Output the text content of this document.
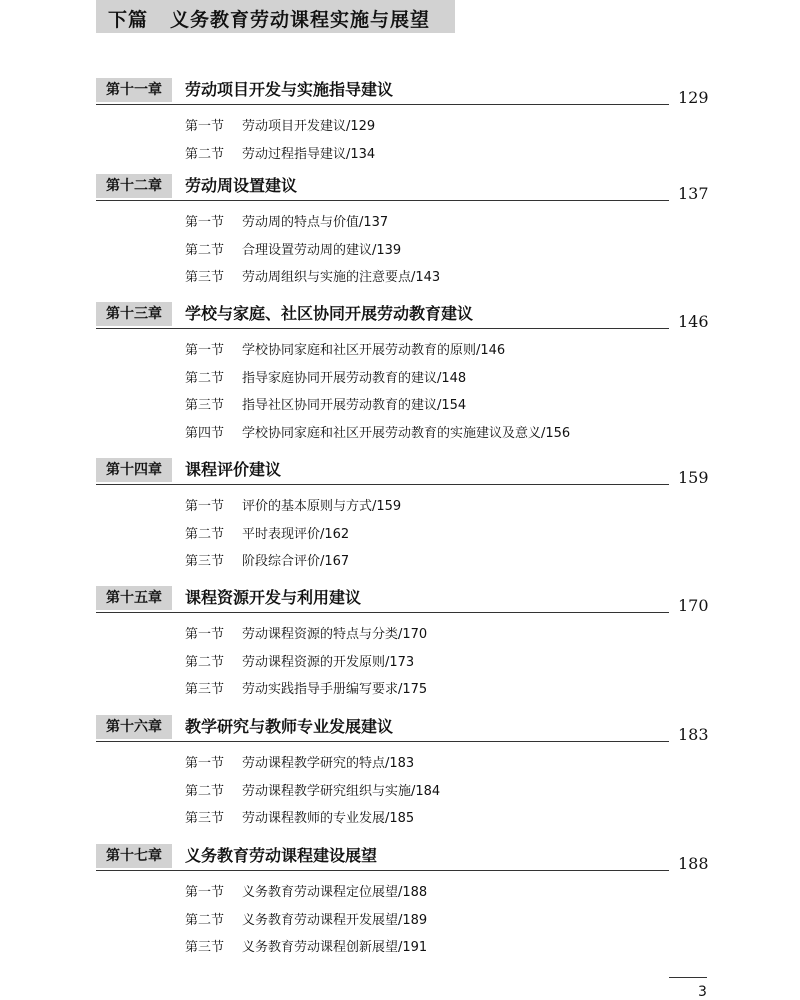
下篇 义务教育劳动课程实施与展望
第十一章	劳动项目开发与实施指导建议	129
第一节 劳动项目开发建议/129
第二节 劳动过程指导建议/134
第十二章	劳动周设置建议	137
第一节 劳动周的特点与价值/137
第二节 合理设置劳动周的建议/139
第三节 劳动周组织与实施的注意要点/143
第十三章	学校与家庭、社区协同开展劳动教育建议	146
第一节 学校协同家庭和社区开展劳动教育的原则/146
第二节 指导家庭协同开展劳动教育的建议/148
第三节 指导社区协同开展劳动教育的建议/154
第四节 学校协同家庭和社区开展劳动教育的实施建议及意义/156
第十四章	课程评价建议	159
第一节 评价的基本原则与方式/159
第二节 平时表现评价/162
第三节 阶段综合评价/167
第十五章	课程资源开发与利用建议	170
第一节 劳动课程资源的特点与分类/170
第二节 劳动课程资源的开发原则/173
第三节 劳动实践指导手册编写要求/175
第十六章	教学研究与教师专业发展建议	183
第一节 劳动课程教学研究的特点/183
第二节 劳动课程教学研究组织与实施/184
第三节 劳动课程教师的专业发展/185
第十七章	义务教育劳动课程建设展望	188
第一节 义务教育劳动课程定位展望/188
第二节 义务教育劳动课程开发展望/189
第三节 义务教育劳动课程创新展望/191
3
